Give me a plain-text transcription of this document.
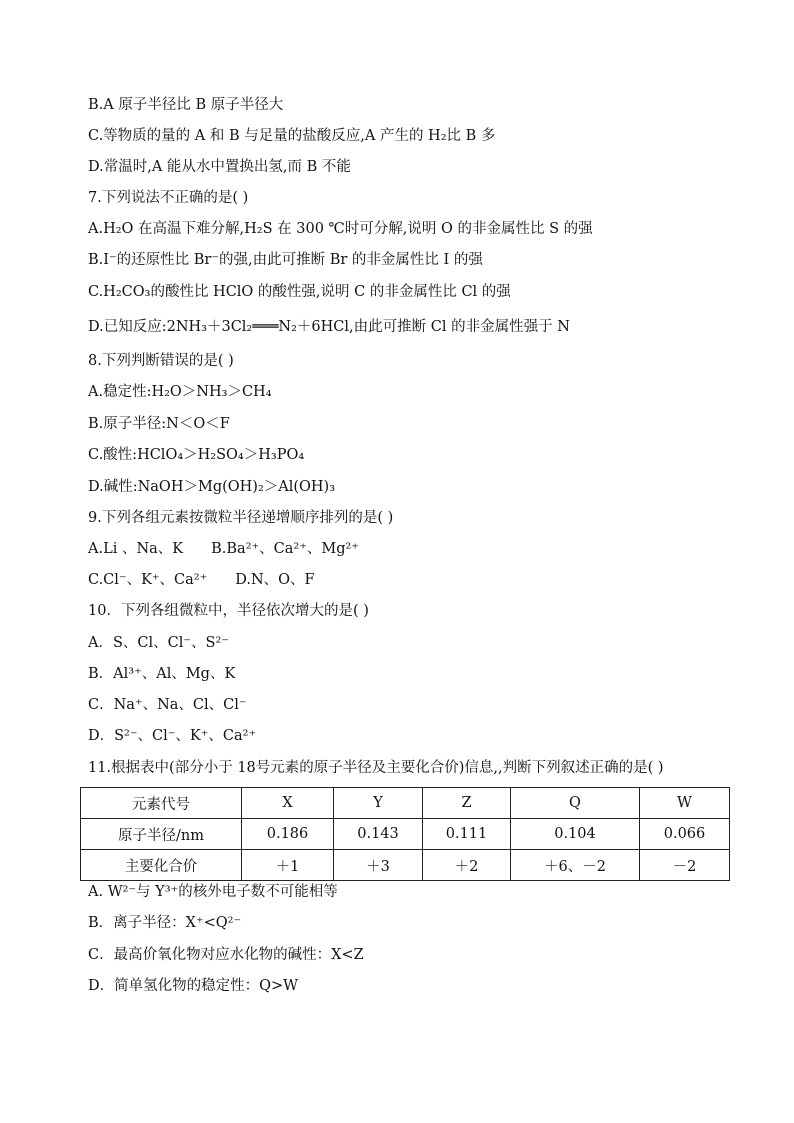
B.A 原子半径比 B 原子半径大
C.等物质的量的 A 和 B 与足量的盐酸反应,A 产生的 H₂比 B 多
D.常温时,A 能从水中置换出氢,而 B 不能
7.下列说法不正确的是( )
A.H₂O 在高温下难分解,H₂S 在 300 ℃时可分解,说明 O 的非金属性比 S 的强
B.I⁻的还原性比 Br⁻的强,由此可推断 Br 的非金属性比 I 的强
C.H₂CO₃的酸性比 HClO 的酸性强,说明 C 的非金属性比 Cl 的强
D.已知反应:2NH₃＋3Cl₂═══N₂＋6HCl,由此可推断 Cl 的非金属性强于 N
8.下列判断错误的是( )
A.稳定性:H₂O＞NH₃＞CH₄
B.原子半径:N＜O＜F
C.酸性:HClO₄＞H₂SO₄＞H₃PO₄
D.碱性:NaOH＞Mg(OH)₂＞Al(OH)₃
9.下列各组元素按微粒半径递增顺序排列的是( )
A.Li 、Na、K B.Ba²⁺、Ca²⁺、Mg²⁺
C.Cl⁻、K⁺、Ca²⁺ D.N、O、F
10．下列各组微粒中，半径依次增大的是( )
A．S、Cl、Cl⁻、S²⁻
B．Al³⁺、Al、Mg、K
C．Na⁺、Na、Cl、Cl⁻
D．S²⁻、Cl⁻、K⁺、Ca²⁺
11.根据表中(部分小于 18号元素的原子半径及主要化合价)信息,,判断下列叙述正确的是( )
元素代号	X	Y	Z	Q	W
原子半径/nm	0.186	0.143	0.111	0.104	0.066
主要化合价	＋1	＋3	＋2	＋6、－2	－2
A. W²⁻与 Y³⁺的核外电子数不可能相等
B．离子半径：X⁺<Q²⁻
C．最高价氧化物对应水化物的碱性：X<Z
D．简单氢化物的稳定性：Q>W
